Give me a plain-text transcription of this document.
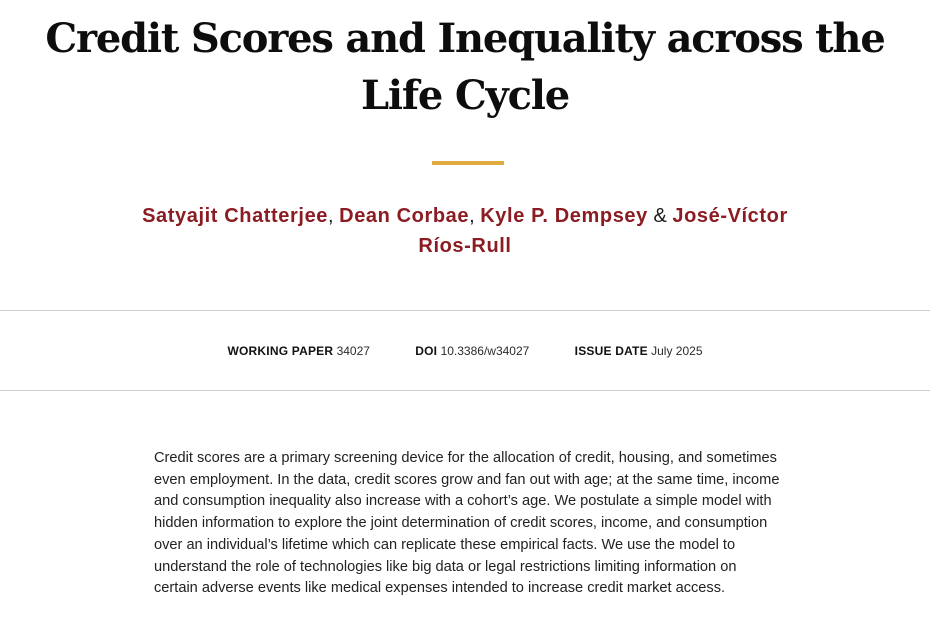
Credit Scores and Inequality across the Life Cycle
Satyajit Chatterjee, Dean Corbae, Kyle P. Dempsey & José-Víctor Ríos-Rull
WORKING PAPER 34027	DOI 10.3386/w34027	ISSUE DATE July 2025

Credit scores are a primary screening device for the allocation of credit, housing, and sometimes even employment. In the data, credit scores grow and fan out with age; at the same time, income and consumption inequality also increase with a cohort’s age. We postulate a simple model with hidden information to explore the joint determination of credit scores, income, and consumption over an individual’s lifetime which can replicate these empirical facts. We use the model to understand the role of technologies like big data or legal restrictions limiting information on certain adverse events like medical expenses intended to increase credit market access.
